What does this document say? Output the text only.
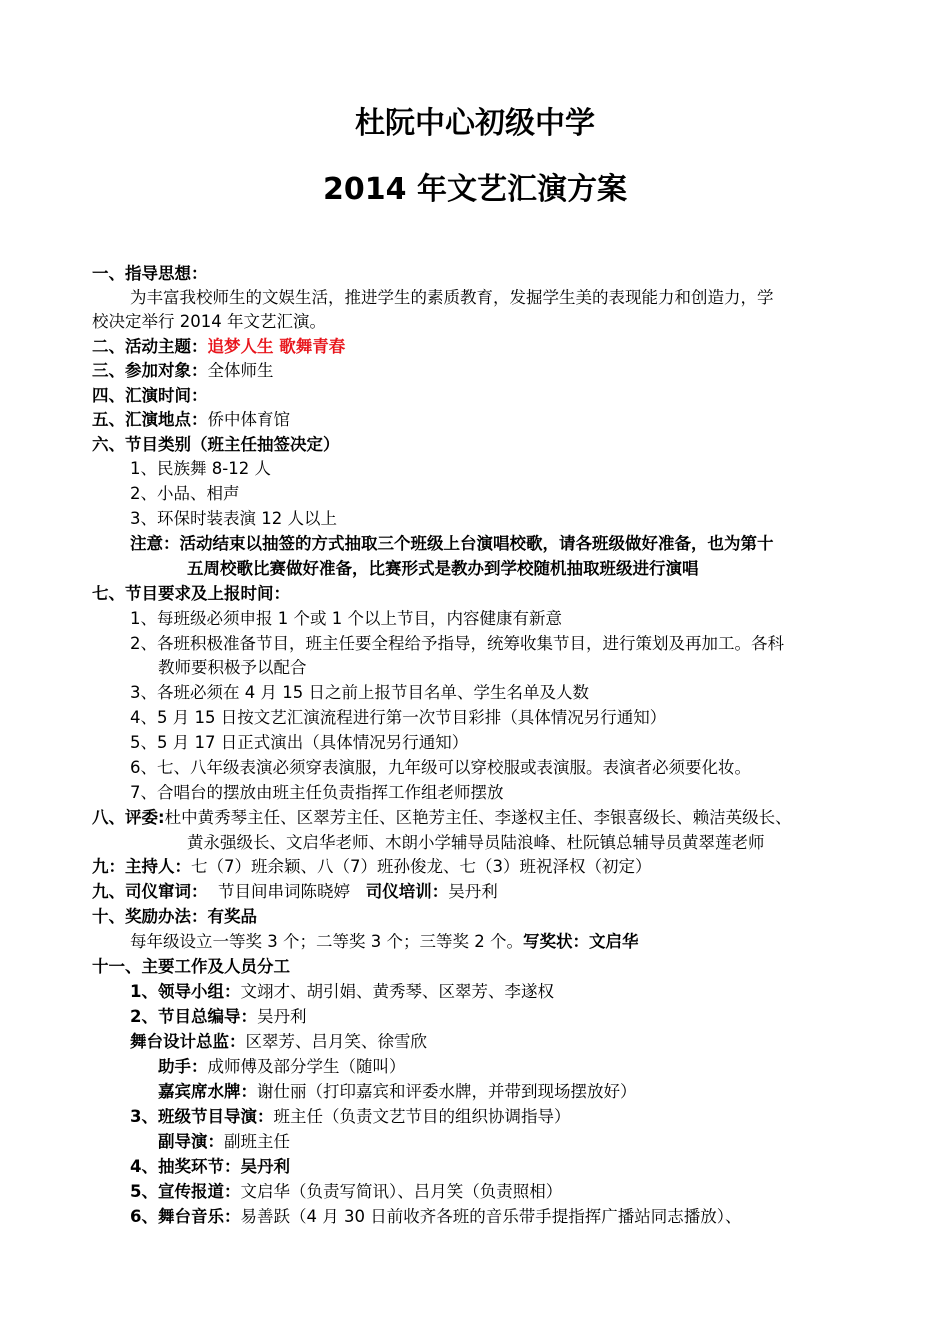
杜阮中心初级中学
2014 年文艺汇演方案
一、指导思想：
为丰富我校师生的文娱生活，推进学生的素质教育，发掘学生美的表现能力和创造力，学
校决定举行 2014 年文艺汇演。
二、活动主题：追梦人生 歌舞青春
三、参加对象：全体师生
四、汇演时间：
五、汇演地点：侨中体育馆
六、节目类别（班主任抽签决定）
1、民族舞 8-12 人
2、小品、相声
3、环保时装表演 12 人以上
注意：活动结束以抽签的方式抽取三个班级上台演唱校歌，请各班级做好准备，也为第十
五周校歌比赛做好准备，比赛形式是教办到学校随机抽取班级进行演唱
七、节目要求及上报时间：
1、每班级必须申报 1 个或 1 个以上节目，内容健康有新意
2、各班积极准备节目，班主任要全程给予指导，统筹收集节目，进行策划及再加工。各科
教师要积极予以配合
3、各班必须在 4 月 15 日之前上报节目名单、学生名单及人数
4、5 月 15 日按文艺汇演流程进行第一次节目彩排（具体情况另行通知）
5、5 月 17 日正式演出（具体情况另行通知）
6、七、八年级表演必须穿表演服，九年级可以穿校服或表演服。表演者必须要化妆。
7、合唱台的摆放由班主任负责指挥工作组老师摆放
八、评委:杜中黄秀琴主任、区翠芳主任、区艳芳主任、李遂权主任、李银喜级长、赖洁英级长、
黄永强级长、文启华老师、木朗小学辅导员陆浪峰、杜阮镇总辅导员黄翠莲老师
九：主持人：七（7）班余颖、八（7）班孙俊龙、七（3）班祝泽权（初定）
九、司仪窜词：  节目间串词陈晓婷   司仪培训：吴丹利
十、奖励办法：有奖品
每年级设立一等奖 3 个；二等奖 3 个；三等奖 2 个。写奖状：文启华
十一、主要工作及人员分工
1、领导小组：文翊才、胡引娟、黄秀琴、区翠芳、李遂权
2、节目总编导：吴丹利
舞台设计总监：区翠芳、吕月笑、徐雪欣
助手：成师傅及部分学生（随叫）
嘉宾席水牌：谢仕丽（打印嘉宾和评委水牌，并带到现场摆放好）
3、班级节目导演：班主任（负责文艺节目的组织协调指导）
副导演：副班主任
4、抽奖环节：吴丹利
5、宣传报道：文启华（负责写简讯）、吕月笑（负责照相）
6、舞台音乐：易善跃（4 月 30 日前收齐各班的音乐带手提指挥广播站同志播放）、
